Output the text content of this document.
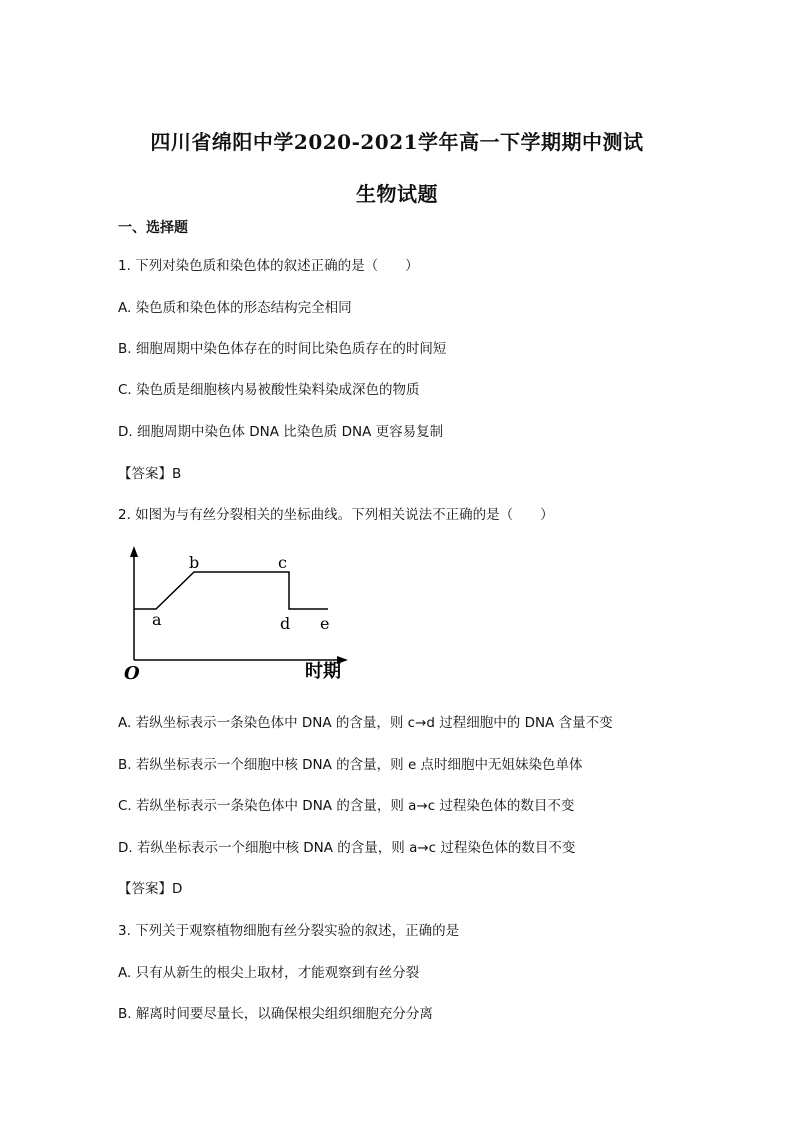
四川省绵阳中学2020-2021学年高一下学期期中测试
生物试题
一、选择题
1. 下列对染色质和染色体的叙述正确的是（　　）
A. 染色质和染色体的形态结构完全相同
B. 细胞周期中染色体存在的时间比染色质存在的时间短
C. 染色质是细胞核内易被酸性染料染成深色的物质
D. 细胞周期中染色体 DNA 比染色质 DNA 更容易复制
【答案】B
2. 如图为与有丝分裂相关的坐标曲线。下列相关说法不正确的是（　　）
a
b	c
d e
O	时期
A. 若纵坐标表示一条染色体中 DNA 的含量，则 c→d 过程细胞中的 DNA 含量不变
B. 若纵坐标表示一个细胞中核 DNA 的含量，则 e 点时细胞中无姐妹染色单体
C. 若纵坐标表示一条染色体中 DNA 的含量，则 a→c 过程染色体的数目不变
D. 若纵坐标表示一个细胞中核 DNA 的含量，则 a→c 过程染色体的数目不变
【答案】D
3. 下列关于观察植物细胞有丝分裂实验的叙述，正确的是
A. 只有从新生的根尖上取材，才能观察到有丝分裂
B. 解离时间要尽量长，以确保根尖组织细胞充分分离
